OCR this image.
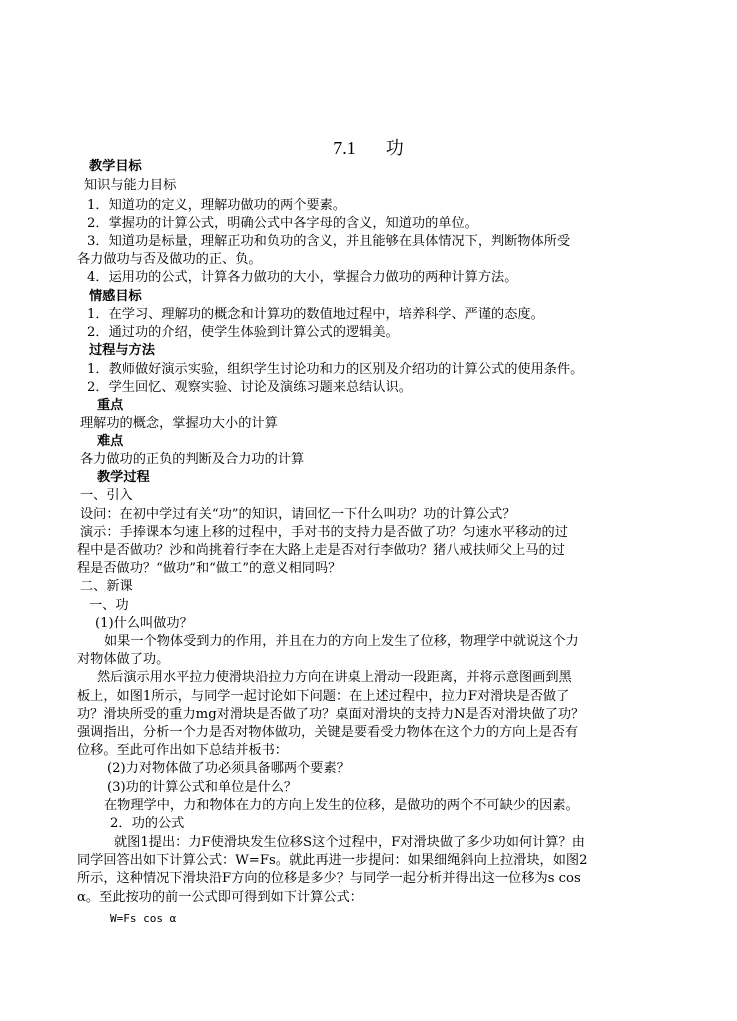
7.1 功
教学目标
知识与能力目标
1．知道功的定义，理解功做功的两个要素。
2．掌握功的计算公式，明确公式中各字母的含义，知道功的单位。
3．知道功是标量，理解正功和负功的含义，并且能够在具体情况下，判断物体所受
各力做功与否及做功的正、负。
4．运用功的公式，计算各力做功的大小，掌握合力做功的两种计算方法。
情感目标
1．在学习、理解功的概念和计算功的数值地过程中，培养科学、严谨的态度。
2．通过功的介绍，使学生体验到计算公式的逻辑美。
过程与方法
1．教师做好演示实验，组织学生讨论功和力的区别及介绍功的计算公式的使用条件。
2．学生回忆、观察实验、讨论及演练习题来总结认识。
重点
理解功的概念，掌握功大小的计算
难点
各力做功的正负的判断及合力功的计算
教学过程
一、引入
设问：在初中学过有关“功”的知识，请回忆一下什么叫功？功的计算公式？
演示：手捧课本匀速上移的过程中，手对书的支持力是否做了功？匀速水平移动的过
程中是否做功？沙和尚挑着行李在大路上走是否对行李做功？猪八戒扶师父上马的过
程是否做功？“做功”和“做工”的意义相同吗？
二、新课
一、功
(1)什么叫做功？
如果一个物体受到力的作用，并且在力的方向上发生了位移，物理学中就说这个力
对物体做了功。
然后演示用水平拉力使滑块沿拉力方向在讲桌上滑动一段距离，并将示意图画到黑
板上，如图1所示，与同学一起讨论如下问题：在上述过程中，拉力F对滑块是否做了
功？滑块所受的重力mg对滑块是否做了功？桌面对滑块的支持力N是否对滑块做了功？
强调指出，分析一个力是否对物体做功，关键是要看受力物体在这个力的方向上是否有
位移。至此可作出如下总结并板书：
(2)力对物体做了功必须具备哪两个要素？
(3)功的计算公式和单位是什么？
在物理学中，力和物体在力的方向上发生的位移，是做功的两个不可缺少的因素。
2．功的公式
就图1提出：力F使滑块发生位移S这个过程中，F对滑块做了多少功如何计算？由
同学回答出如下计算公式：W=Fs。就此再进一步提问：如果细绳斜向上拉滑块，如图2
所示，这种情况下滑块沿F方向的位移是多少？与同学一起分析并得出这一位移为s cos
α。至此按功的前一公式即可得到如下计算公式：
W=Fs cos α
